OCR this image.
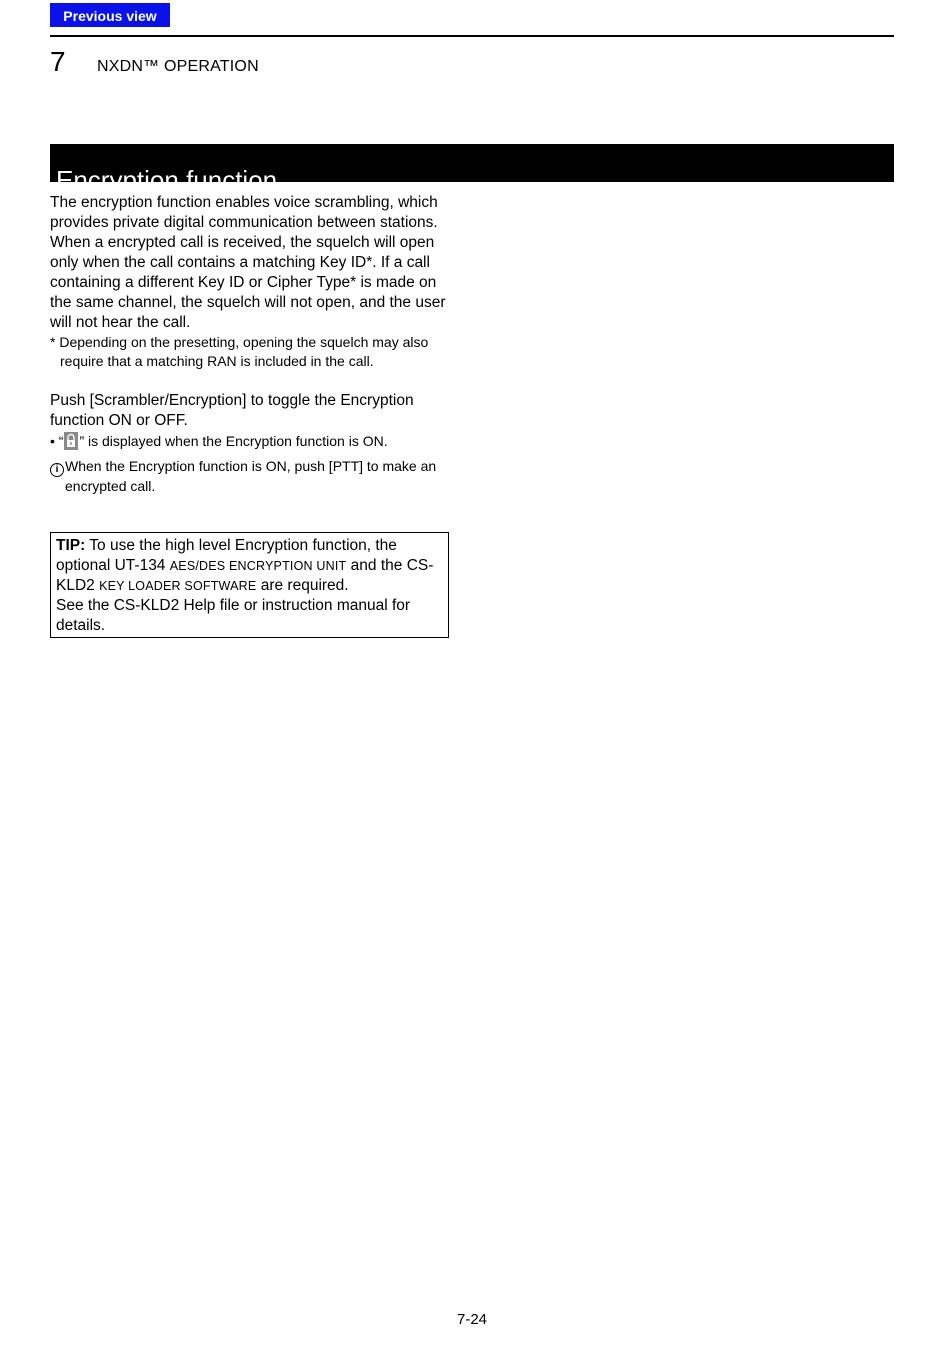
Previous view
7 NXDN™ OPERATION
Encryption function

The encryption function enables voice scrambling, which provides private digital communication between stations.

When a encrypted call is received, the squelch will open only when the call contains a matching Key ID*. If a call containing a different Key ID or Cipher Type* is made on the same channel, the squelch will not open, and the user will not hear the call.

* Depending on the presetting, opening the squelch may also require that a matching RAN is included in the call.

Push [Scrambler/Encryption] to toggle the Encryption function ON or OFF.

• “ ” is displayed when the Encryption function is ON.

i When the Encryption function is ON, push [PTT] to make an encrypted call.

TIP: To use the high level Encryption function, the optional UT-134 AES/DES ENCRYPTION UNIT and the CS-KLD2 KEY LOADER SOFTWARE are required.

See the CS-KLD2 Help file or instruction manual for details.

7-24
